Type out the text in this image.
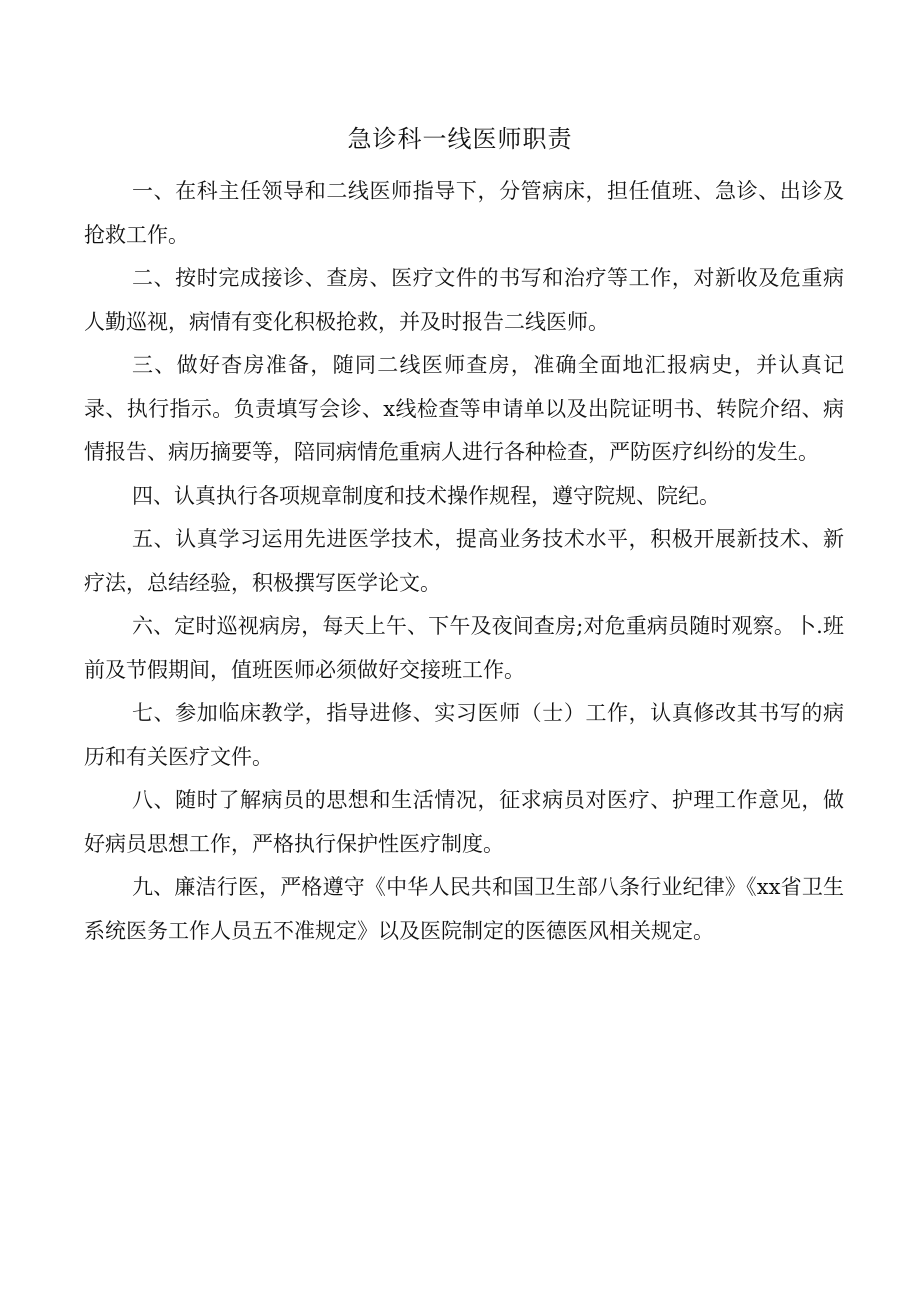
急诊科一线医师职责

一、在科主任领导和二线医师指导下，分管病床，担任值班、急诊、出诊及抢救工作。

二、按时完成接诊、查房、医疗文件的书写和治疗等工作，对新收及危重病人勤巡视，病情有变化积极抢救，并及时报告二线医师。

三、做好杳房准备，随同二线医师查房，准确全面地汇报病史，并认真记录、执行指示。负责填写会诊、x线检查等申请单以及出院证明书、转院介绍、病情报告、病历摘要等，陪同病情危重病人进行各种检查，严防医疗纠纷的发生。

四、认真执行各项规章制度和技术操作规程，遵守院规、院纪。

五、认真学习运用先进医学技术，提高业务技术水平，积极开展新技术、新疗法，总结经验，积极撰写医学论文。

六、定时巡视病房，每天上午、下午及夜间查房;对危重病员随时观察。卜.班前及节假期间，值班医师必须做好交接班工作。

七、参加临床教学，指导进修、实习医师（士）工作，认真修改其书写的病历和有关医疗文件。

八、随时了解病员的思想和生活情况，征求病员对医疗、护理工作意见，做好病员思想工作，严格执行保护性医疗制度。

九、廉洁行医，严格遵守《中华人民共和国卫生部八条行业纪律》《xx省卫生系统医务工作人员五不准规定》以及医院制定的医德医风相关规定。
